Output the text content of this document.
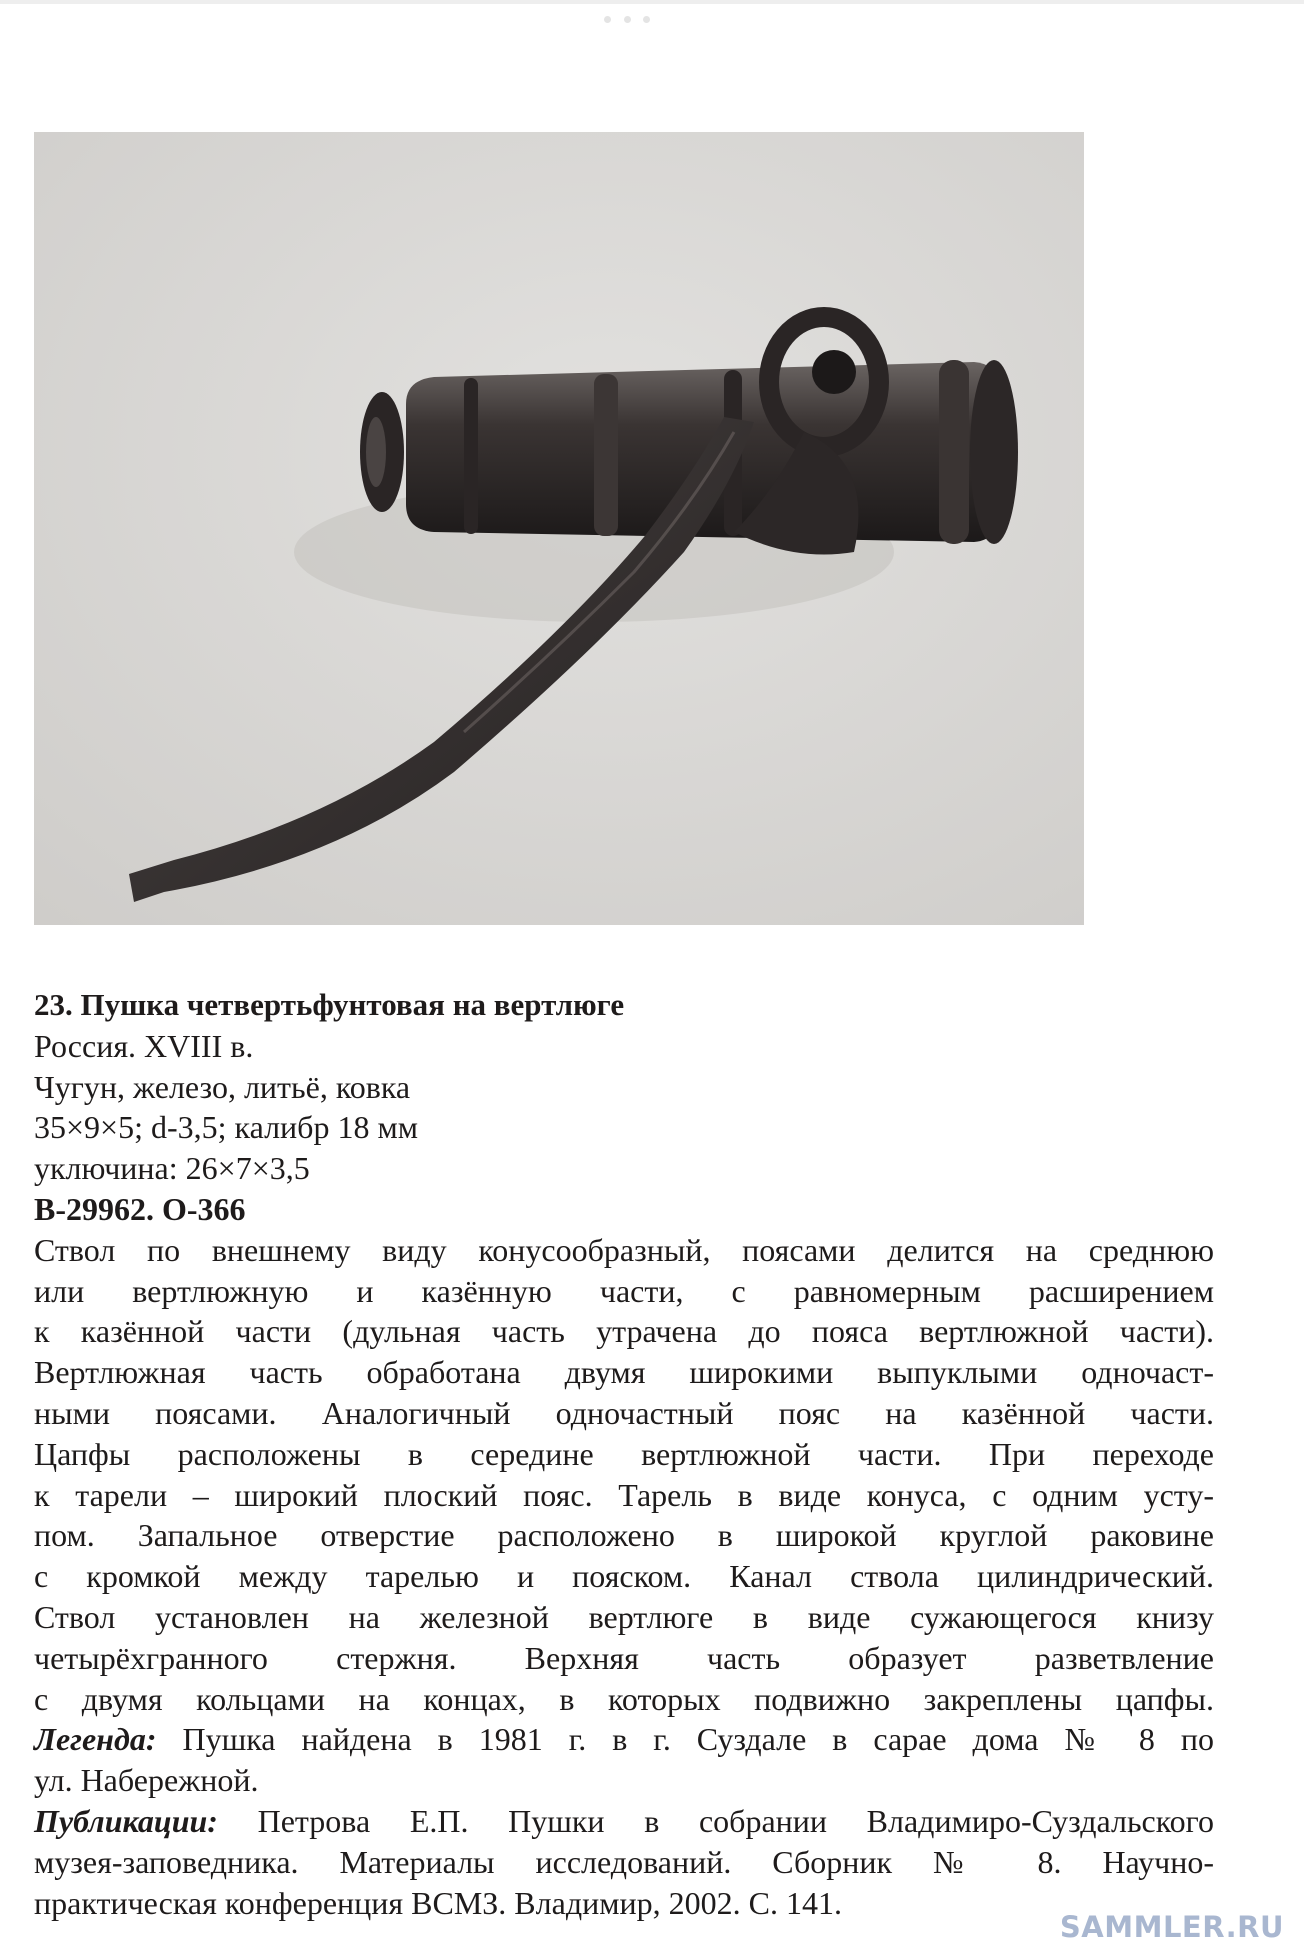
23. Пушка четвертьфунтовая на вертлюге
Россия. XVIII в.
Чугун, железо, литьё, ковка
35×9×5; d-3,5; калибр 18 мм
уключина: 26×7×3,5
В-29962. О-366
Ствол по внешнему виду конусообразный, поясами делится на среднюю
или вертлюжную и казённую части, с равномерным расширением
к казённой части (дульная часть утрачена до пояса вертлюжной части).
Вертлюжная часть обработана двумя широкими выпуклыми одночаст-
ными поясами. Аналогичный одночастный пояс на казённой части.
Цапфы расположены в середине вертлюжной части. При переходе
к тарели – широкий плоский пояс. Тарель в виде конуса, с одним усту-
пом. Запальное отверстие расположено в широкой круглой раковине
с кромкой между тарелью и пояском. Канал ствола цилиндрический.
Ствол установлен на железной вертлюге в виде сужающегося книзу
четырёхгранного стержня. Верхняя часть образует разветвление
с двумя кольцами на концах, в которых подвижно закреплены цапфы.
Легенда: Пушка найдена в 1981 г. в г. Суздале в сарае дома № 8 по
ул. Набережной.
Публикации: Петрова Е.П. Пушки в собрании Владимиро-Суздальского
музея-заповедника. Материалы исследований. Сборник № 8. Научно-
практическая конференция ВСМЗ. Владимир, 2002. С. 141.
SAMMLER.RU
